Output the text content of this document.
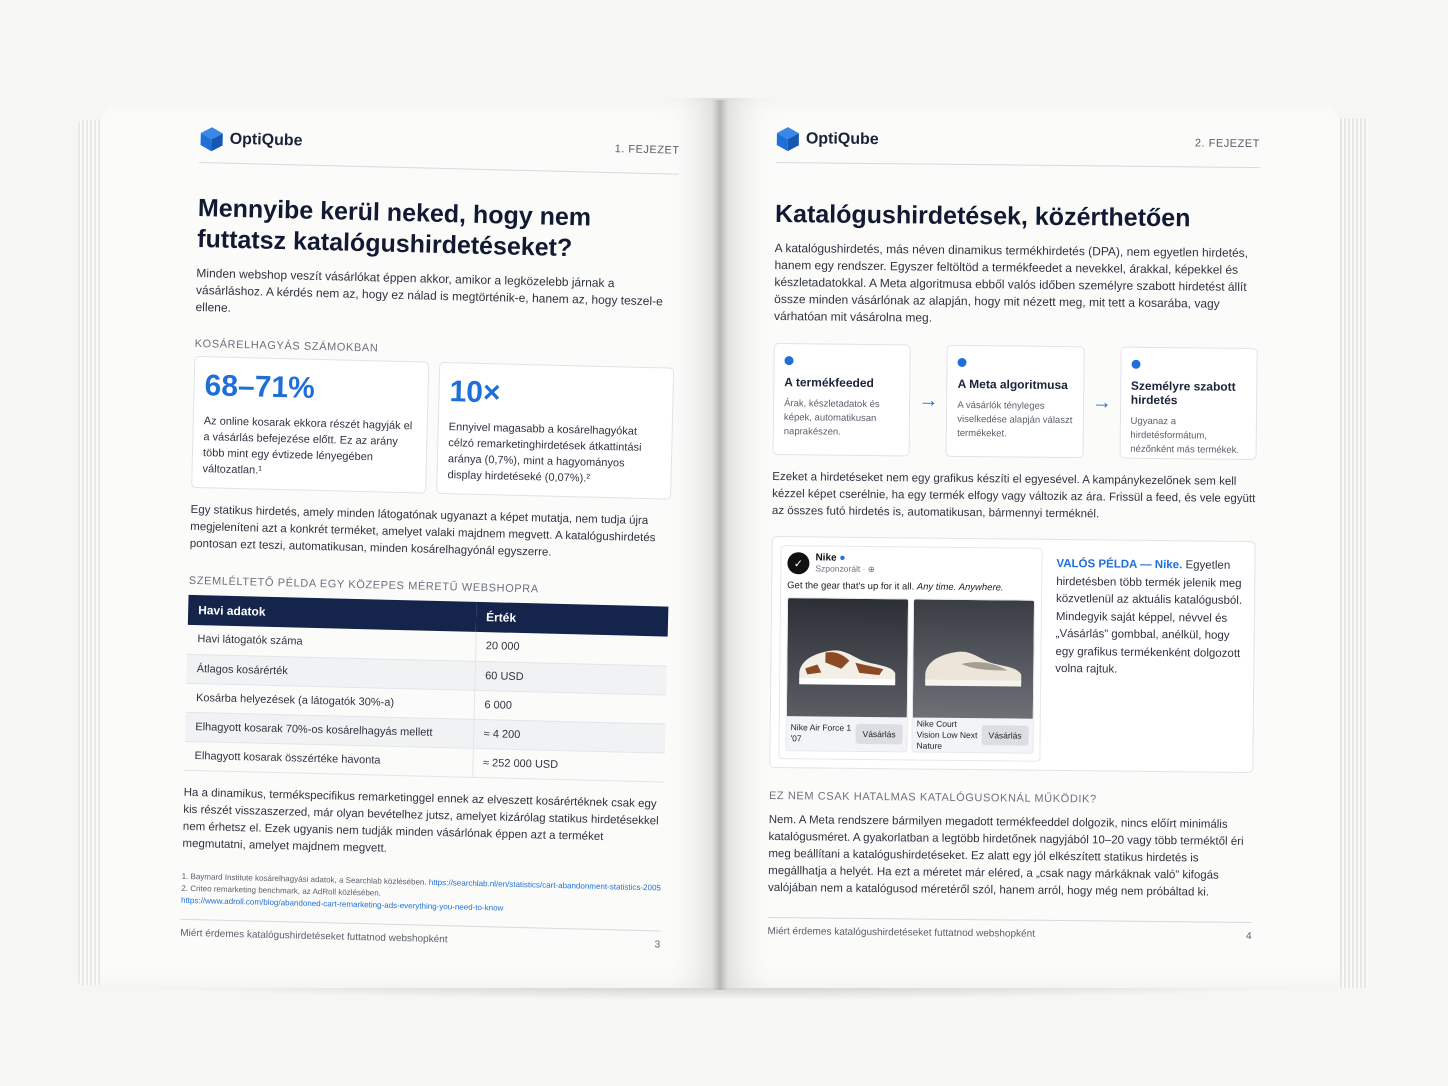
OptiQube
1. FEJEZET
Mennyibe kerül neked, hogy nem futtatsz katalógushirdetéseket?

Minden webshop veszít vásárlókat éppen akkor, amikor a legközelebb járnak a vásárláshoz. A kérdés nem az, hogy ez nálad is megtörténik-e, hanem az, hogy teszel-e ellene.

KOSÁRELHAGYÁS SZÁMOKBAN
68–71%
Az online kosarak ekkora részét hagyják el a vásárlás befejezése előtt. Ez az arány több mint egy évtizede lényegében változatlan.¹
10×
Ennyivel magasabb a kosárelhagyókat célzó remarketinghirdetések átkattintási aránya (0,7%), mint a hagyományos display hirdetéseké (0,07%).²

Egy statikus hirdetés, amely minden látogatónak ugyanazt a képet mutatja, nem tudja újra megjeleníteni azt a konkrét terméket, amelyet valaki majdnem megvett. A katalógushirdetés pontosan ezt teszi, automatikusan, minden kosárelhagyónál egyszerre.

SZEMLÉLTETŐ PÉLDA EGY KÖZEPES MÉRETŰ WEBSHOPRA
Havi adatok	Érték
Havi látogatók száma	20 000
Átlagos kosárérték	60 USD
Kosárba helyezések (a látogatók 30%-a)	6 000
Elhagyott kosarak 70%-os kosárelhagyás mellett	≈ 4 200
Elhagyott kosarak összértéke havonta	≈ 252 000 USD

Ha a dinamikus, termékspecifikus remarketinggel ennek az elveszett kosárértéknek csak egy kis részét visszaszerzed, már olyan bevételhez jutsz, amelyet kizárólag statikus hirdetésekkel nem érhetsz el. Ezek ugyanis nem tudják minden vásárlónak éppen azt a terméket megmutatni, amelyet majdnem megvett.

1. Baymard Institute kosárelhagyási adatok, a Searchlab közlésében. https://searchlab.nl/en/statistics/cart-abandonment-statistics-2005
2. Criteo remarketing benchmark, az AdRoll közlésében.
https://www.adroll.com/blog/abandoned-cart-remarketing-ads-everything-you-need-to-know
Miért érdemes katalógushirdetéseket futtatnod webshopként	3
OptiQube	2. FEJEZET
Katalógushirdetések, közérthetően

A katalógushirdetés, más néven dinamikus termékhirdetés (DPA), nem egyetlen hirdetés, hanem egy rendszer. Egyszer feltöltöd a termékfeedet a nevekkel, árakkal, képekkel és készletadatokkal. A Meta algoritmusa ebből valós időben személyre szabott hirdetést állít össze minden vásárlónak az alapján, hogy mit nézett meg, mit tett a kosarába, vagy várhatóan mit vásárolna meg.

A termékfeeded
Árak, készletadatok és képek, automatikusan naprakészen.
→
A Meta algoritmusa
A vásárlók tényleges viselkedése alapján választ termékeket.
→
Személyre szabott hirdetés
Ugyanaz a hirdetésformátum, nézőnként más termékek.

Ezeket a hirdetéseket nem egy grafikus készíti el egyesével. A kampánykezelőnek sem kell kézzel képet cserélnie, ha egy termék elfogy vagy változik az ára. Frissül a feed, és vele együtt az összes futó hirdetés is, automatikusan, bármennyi terméknél.

✓	Nike ●
Szponzorált · ⊕
Get the gear that's up for it all. Any time. Anywhere.
Nike Air Force 1 '07	Vásárlás
Nike Court Vision Low Next Nature
Vásárlás
VALÓS PÉLDA — Nike. Egyetlen hirdetésben több termék jelenik meg közvetlenül az aktuális katalógusból. Mindegyik saját képpel, névvel és „Vásárlás” gombbal, anélkül, hogy egy grafikus termékenként dolgozott volna rajtuk.
EZ NEM CSAK HATALMAS KATALÓGUSOKNÁL MŰKÖDIK?

Nem. A Meta rendszere bármilyen megadott termékfeeddel dolgozik, nincs előírt minimális katalógusméret. A gyakorlatban a legtöbb hirdetőnek nagyjából 10–20 vagy több terméktől éri meg beállítani a katalógushirdetéseket. Ez alatt egy jól elkészített statikus hirdetés is megállhatja a helyét. Ha ezt a méretet már eléred, a „csak nagy márkáknak való” kifogás valójában nem a katalógusod méretéről szól, hanem arról, hogy még nem próbáltad ki.

Miért érdemes katalógushirdetéseket futtatnod webshopként	4
